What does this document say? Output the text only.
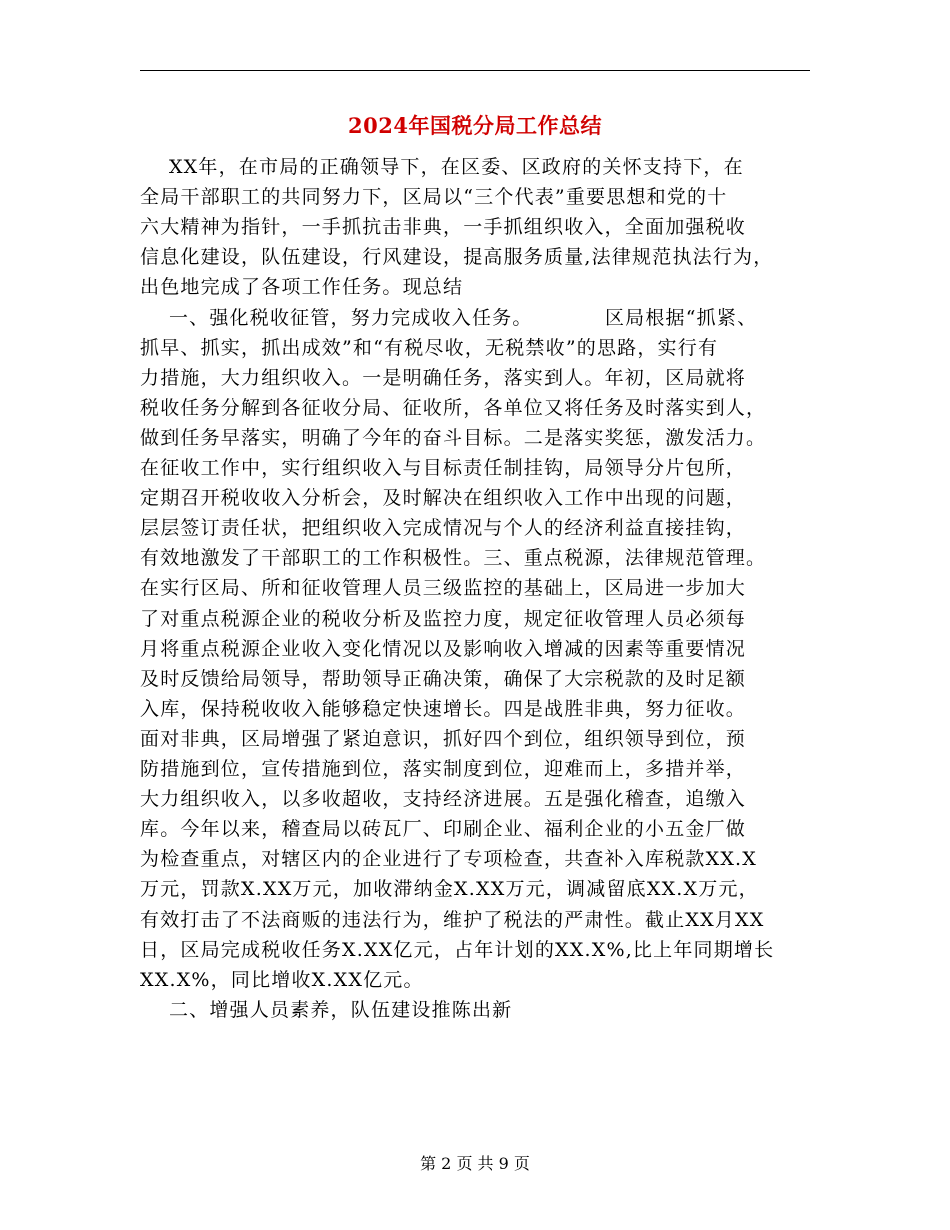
2024年国税分局工作总结
XX年，在市局的正确领导下，在区委、区政府的关怀支持下，在
全局干部职工的共同努力下，区局以“三个代表”重要思想和党的十
六大精神为指针，一手抓抗击非典，一手抓组织收入，全面加强税收
信息化建设，队伍建设，行风建设，提高服务质量,法律规范执法行为，
出色地完成了各项工作任务。现总结
一、强化税收征管，努力完成收入任务。          区局根据“抓紧、
抓早、抓实，抓出成效”和“有税尽收，无税禁收”的思路，实行有
力措施，大力组织收入。一是明确任务，落实到人。年初，区局就将
税收任务分解到各征收分局、征收所，各单位又将任务及时落实到人，
做到任务早落实，明确了今年的奋斗目标。二是落实奖惩，激发活力。
在征收工作中，实行组织收入与目标责任制挂钩，局领导分片包所，
定期召开税收收入分析会，及时解决在组织收入工作中出现的问题，
层层签订责任状，把组织收入完成情况与个人的经济利益直接挂钩，
有效地激发了干部职工的工作积极性。三、重点税源，法律规范管理。
在实行区局、所和征收管理人员三级监控的基础上，区局进一步加大
了对重点税源企业的税收分析及监控力度，规定征收管理人员必须每
月将重点税源企业收入变化情况以及影响收入增减的因素等重要情况
及时反馈给局领导，帮助领导正确决策，确保了大宗税款的及时足额
入库，保持税收收入能够稳定快速增长。四是战胜非典，努力征收。
面对非典，区局增强了紧迫意识，抓好四个到位，组织领导到位，预
防措施到位，宣传措施到位，落实制度到位，迎难而上，多措并举，
大力组织收入，以多收超收，支持经济进展。五是强化稽查，追缴入
库。今年以来，稽查局以砖瓦厂、印刷企业、福利企业的小五金厂做
为检查重点，对辖区内的企业进行了专项检查，共查补入库税款XX.X
万元，罚款X.XX万元，加收滞纳金X.XX万元，调减留底XX.X万元，
有效打击了不法商贩的违法行为，维护了税法的严肃性。截止XX月XX
日，区局完成税收任务X.XX亿元，占年计划的XX.X%,比上年同期增长
XX.X%，同比增收X.XX亿元。
二、增强人员素养，队伍建设推陈出新
第 2 页 共 9 页
